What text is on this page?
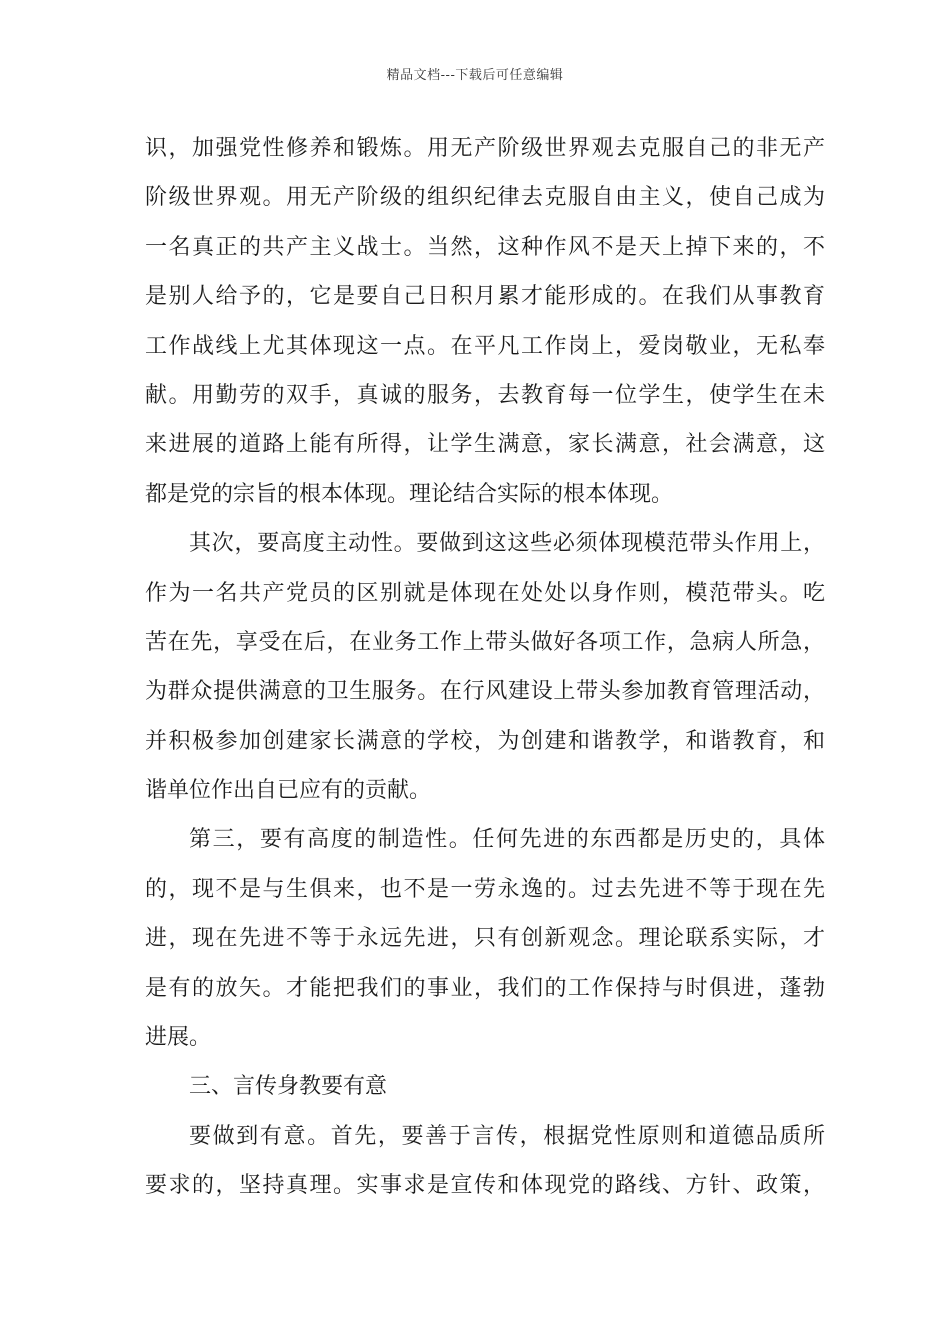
精品文档---下载后可任意编辑
识，加强党性修养和锻炼。用无产阶级世界观去克服自己的非无产
阶级世界观。用无产阶级的组织纪律去克服自由主义，使自己成为
一名真正的共产主义战士。当然，这种作风不是天上掉下来的，不
是别人给予的，它是要自己日积月累才能形成的。在我们从事教育
工作战线上尤其体现这一点。在平凡工作岗上，爱岗敬业，无私奉
献。用勤劳的双手，真诚的服务，去教育每一位学生，使学生在未
来进展的道路上能有所得，让学生满意，家长满意，社会满意，这
都是党的宗旨的根本体现。理论结合实际的根本体现。
其次，要高度主动性。要做到这这些必须体现模范带头作用上，
作为一名共产党员的区别就是体现在处处以身作则，模范带头。吃
苦在先，享受在后，在业务工作上带头做好各项工作，急病人所急，
为群众提供满意的卫生服务。在行风建设上带头参加教育管理活动，
并积极参加创建家长满意的学校，为创建和谐教学，和谐教育，和
谐单位作出自已应有的贡献。
第三，要有高度的制造性。任何先进的东西都是历史的，具体
的，现不是与生俱来，也不是一劳永逸的。过去先进不等于现在先
进，现在先进不等于永远先进，只有创新观念。理论联系实际，才
是有的放矢。才能把我们的事业，我们的工作保持与时俱进，蓬勃
进展。
三、言传身教要有意
要做到有意。首先，要善于言传，根据党性原则和道德品质所
要求的，坚持真理。实事求是宣传和体现党的路线、方针、政策，
